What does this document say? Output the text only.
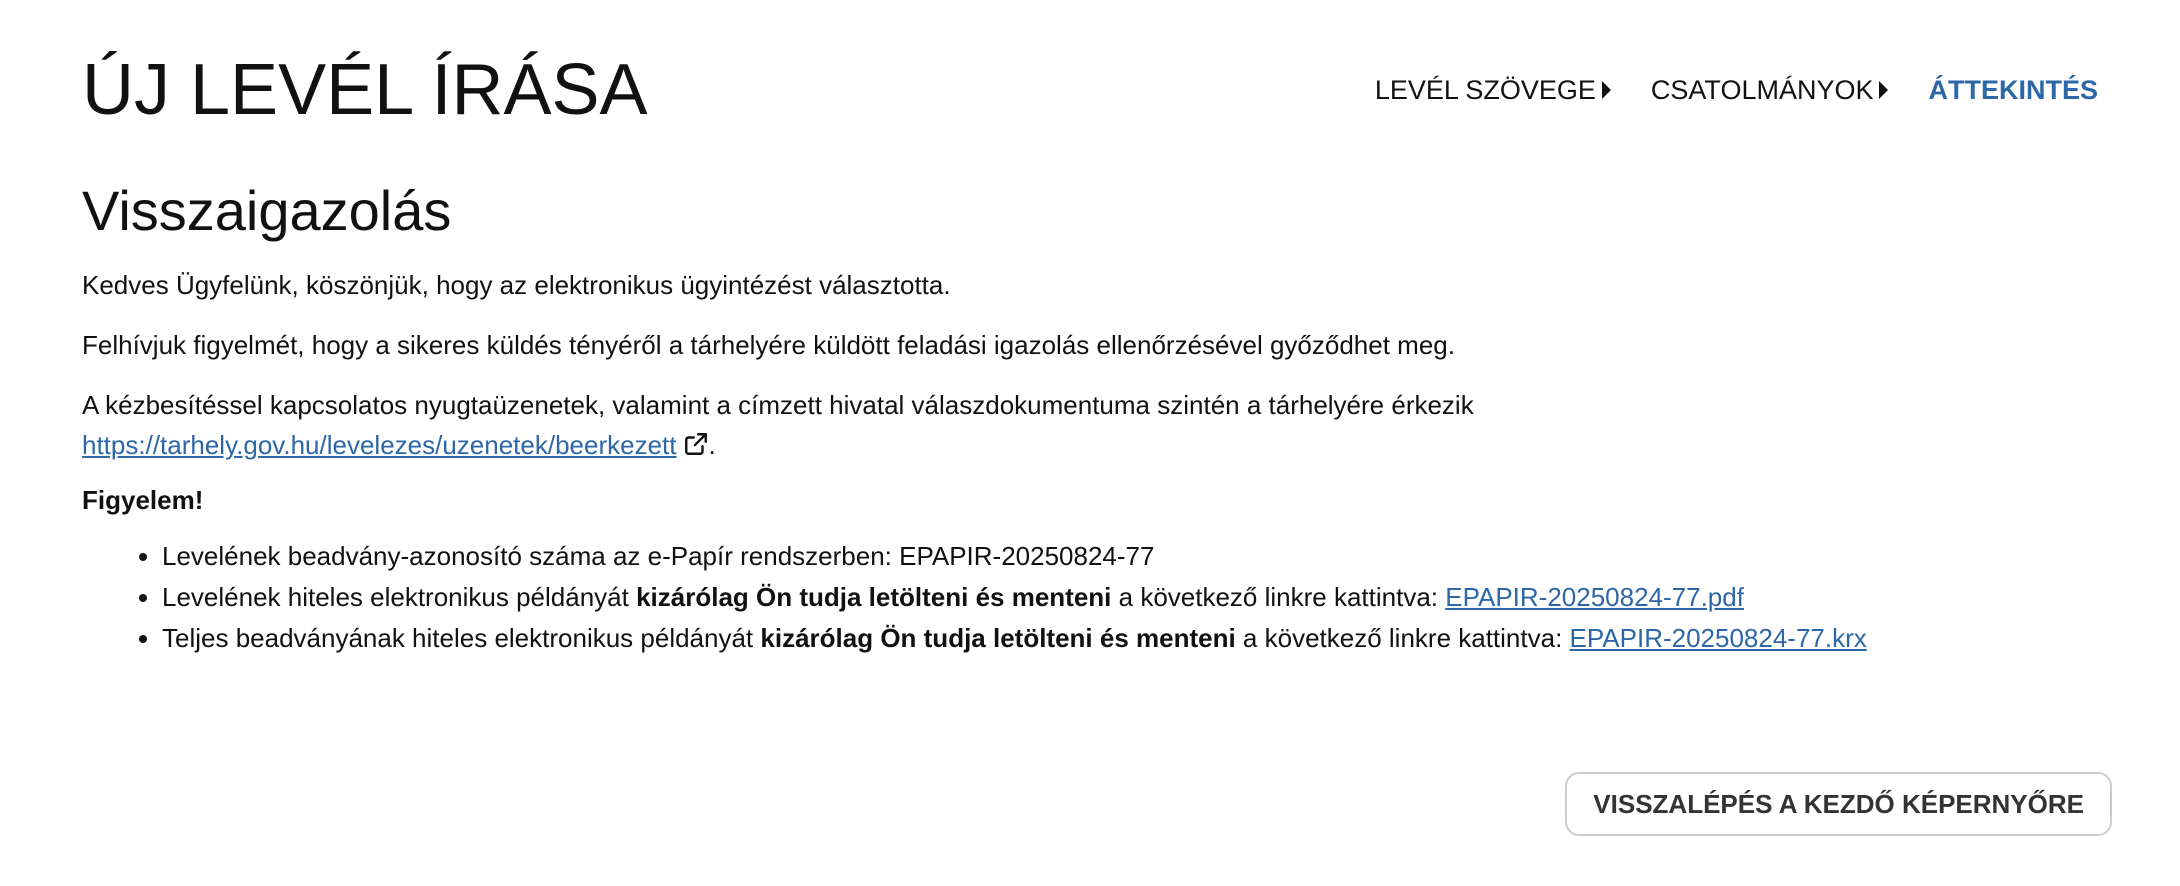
ÚJ LEVÉL ÍRÁSA	LEVÉL SZÖVEGE CSATOLMÁNYOK ÁTTEKINTÉS
Visszaigazolás

Kedves Ügyfelünk, köszönjük, hogy az elektronikus ügyintézést választotta.

Felhívjuk figyelmét, hogy a sikeres küldés tényéről a tárhelyére küldött feladási igazolás ellenőrzésével győződhet meg.

A kézbesítéssel kapcsolatos nyugtaüzenetek, valamint a címzett hivatal válaszdokumentuma szintén a tárhelyére érkezik
https://tarhely.gov.hu/levelezes/uzenetek/beerkezett .

Figyelem!
• Levelének beadvány-azonosító száma az e-Papír rendszerben: EPAPIR-20250824-77
• Levelének hiteles elektronikus példányát kizárólag Ön tudja letölteni és menteni a következő linkre kattintva: EPAPIR-20250824-77.pdf
• Teljes beadványának hiteles elektronikus példányát kizárólag Ön tudja letölteni és menteni a következő linkre kattintva: EPAPIR-20250824-77.krx
VISSZALÉPÉS A KEZDŐ KÉPERNYŐRE
